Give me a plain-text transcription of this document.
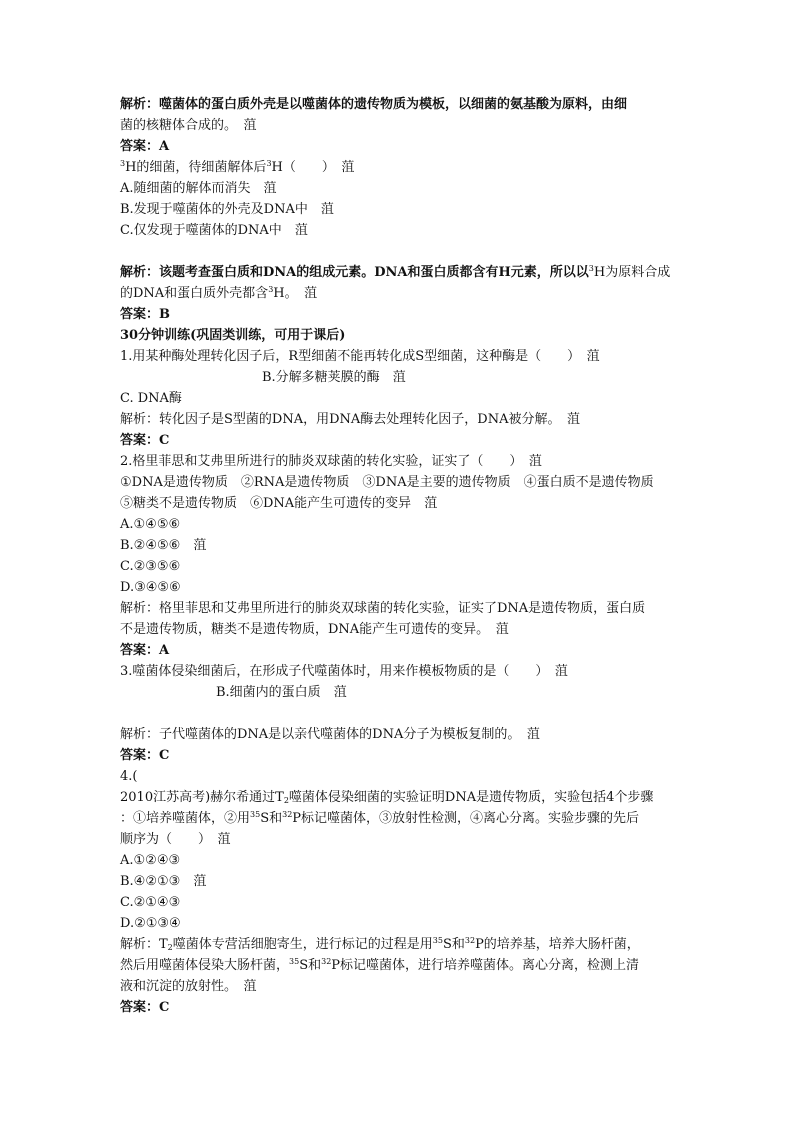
解析：噬菌体的蛋白质外壳是以噬菌体的遗传物质为模板，以细菌的氨基酸为原料，由细
菌的核糖体合成的。　菹
答案：A
$^3$H的细菌，待细菌解体后$^3$H（　　）　菹
A.随细菌的解体而消失　菹
B.发现于噬菌体的外壳及DNA中　菹
C.仅发现于噬菌体的DNA中　菹
解析：该题考查蛋白质和DNA的组成元素。DNA和蛋白质都含有H元素，所以以$^3$H为原料合成
的DNA和蛋白质外壳都含$^3$H。　菹
答案：B
30分钟训练(巩固类训练，可用于课后)
1.用某种酶处理转化因子后，R型细菌不能再转化成S型细菌，这种酶是（　　）　菹
B.分解多糖荚膜的酶　菹
C. DNA酶
解析：转化因子是S型菌的DNA，用DNA酶去处理转化因子，DNA被分解。　菹
答案：C
2.格里菲思和艾弗里所进行的肺炎双球菌的转化实验，证实了（　　）　菹
①DNA是遗传物质　②RNA是遗传物质　③DNA是主要的遗传物质　④蛋白质不是遗传物质
⑤糖类不是遗传物质　⑥DNA能产生可遗传的变异　菹
A.①④⑤⑥
B.②④⑤⑥　菹
C.②③⑤⑥
D.③④⑤⑥
解析：格里菲思和艾弗里所进行的肺炎双球菌的转化实验，证实了DNA是遗传物质，蛋白质
不是遗传物质，糖类不是遗传物质，DNA能产生可遗传的变异。　菹
答案：A
3.噬菌体侵染细菌后，在形成子代噬菌体时，用来作模板物质的是（　　）　菹
B.细菌内的蛋白质　菹
解析：子代噬菌体的DNA是以亲代噬菌体的DNA分子为模板复制的。　菹
答案：C
4.(
2010江苏高考)赫尔希通过$T_2$噬菌体侵染细菌的实验证明DNA是遗传物质，实验包括4个步骤
：①培养噬菌体，②用$^{35}$S和$^{32}$P标记噬菌体，③放射性检测，④离心分离。实验步骤的先后
顺序为（　　）　菹
A.①②④③
B.④②①③　菹
C.②①④③
D.②①③④
解析：$T_2$噬菌体专营活细胞寄生，进行标记的过程是用$^{35}$S和$^{32}$P的培养基，培养大肠杆菌，
然后用噬菌体侵染大肠杆菌，$^{35}$S和$^{32}$P标记噬菌体，进行培养噬菌体。离心分离，检测上清
液和沉淀的放射性。　菹
答案：C
